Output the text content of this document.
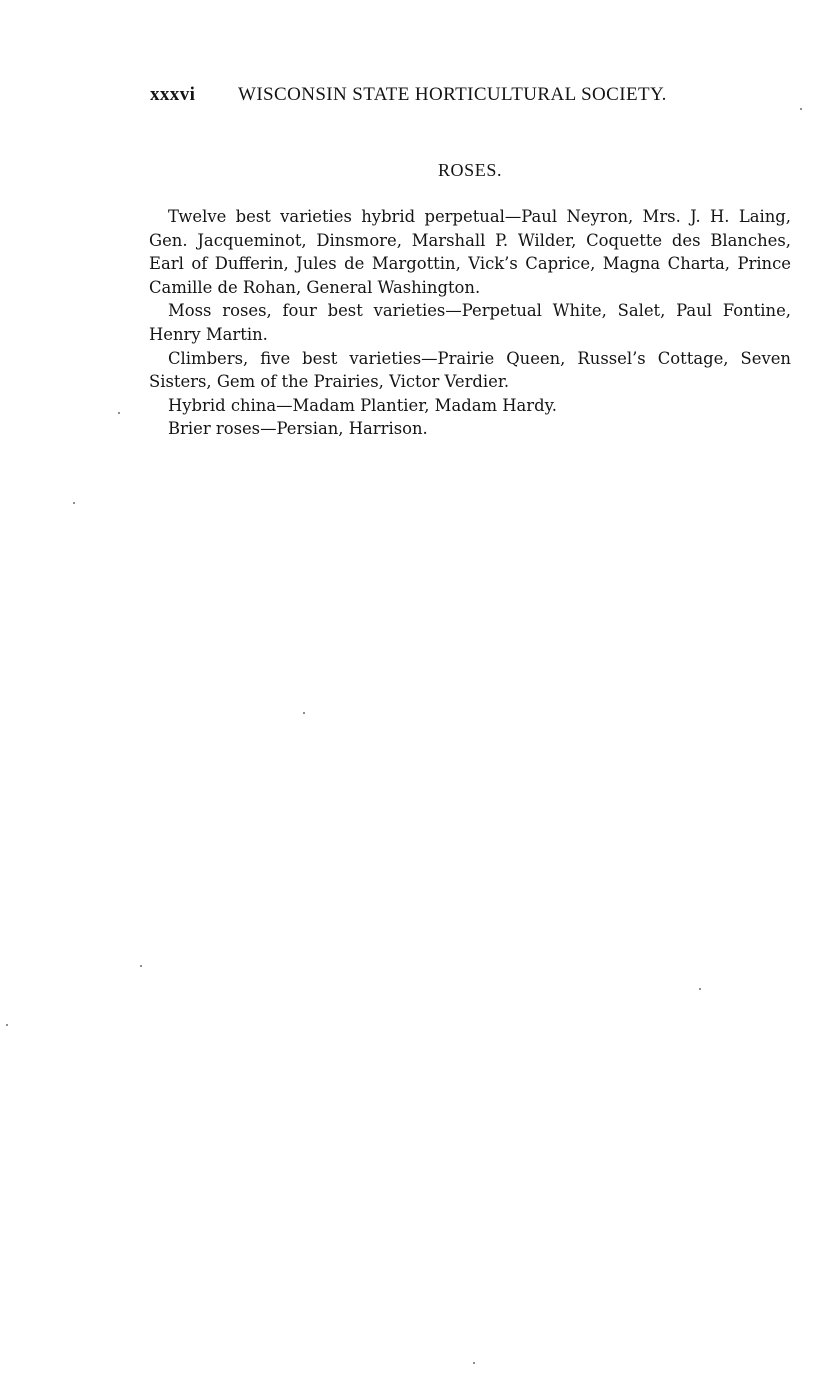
xxxvi WISCONSIN STATE HORTICULTURAL SOCIETY.
ROSES.

Twelve best varieties hybrid perpetual—Paul Neyron, Mrs. J. H. Laing, Gen. Jacqueminot, Dinsmore, Marshall P. Wilder, Coquette des Blanches, Earl of Dufferin, Jules de Margottin, Vick’s Caprice, Magna Charta, Prince Camille de Rohan, General Washington.

Moss roses, four best varieties—Perpetual White, Salet, Paul Fontine, Henry Martin.

Climbers, five best varieties—Prairie Queen, Russel’s Cottage, Seven Sisters, Gem of the Prairies, Victor Verdier.

Hybrid china—Madam Plantier, Madam Hardy.

Brier roses—Persian, Harrison.
